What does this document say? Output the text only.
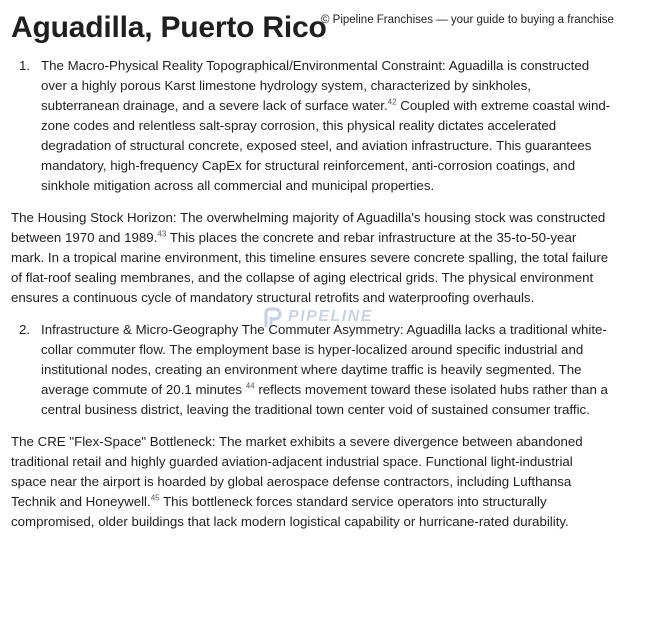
Aguadilla, Puerto Rico
© Pipeline Franchises — your guide to buying a franchise
1. The Macro-Physical Reality Topographical/Environmental Constraint: Aguadilla is constructed over a highly porous Karst limestone hydrology system, characterized by sinkholes, subterranean drainage, and a severe lack of surface water.$^{42}$ Coupled with extreme coastal wind-zone codes and relentless salt-spray corrosion, this physical reality dictates accelerated degradation of structural concrete, exposed steel, and aviation infrastructure. This guarantees mandatory, high-frequency CapEx for structural reinforcement, anti-corrosion coatings, and sinkhole mitigation across all commercial and municipal properties.

The Housing Stock Horizon: The overwhelming majority of Aguadilla's housing stock was constructed between 1970 and 1989.43 This places the concrete and rebar infrastructure at the 35-to-50-year mark. In a tropical marine environment, this timeline ensures severe concrete spalling, the total failure of flat-roof sealing membranes, and the collapse of aging electrical grids. The physical environment ensures a continuous cycle of mandatory structural retrofits and waterproofing overhauls.

2. Infrastructure & Micro-Geography The Commuter Asymmetry: Aguadilla lacks a traditional white-collar commuter flow. The employment base is hyper-localized around specific industrial and institutional nodes, creating an environment where daytime traffic is heavily segmented. The average commute of 20.1 minutes $^{44}$ reflects movement toward these isolated hubs rather than a central business district, leaving the traditional town center void of sustained consumer traffic.

The CRE "Flex-Space" Bottleneck: The market exhibits a severe divergence between abandoned traditional retail and highly guarded aviation-adjacent industrial space. Functional light-industrial space near the airport is hoarded by global aerospace defense contractors, including Lufthansa Technik and Honeywell.$^{45}$ This bottleneck forces standard service operators into structurally compromised, older buildings that lack modern logistical capability or hurricane-rated durability.

PIPELINE
